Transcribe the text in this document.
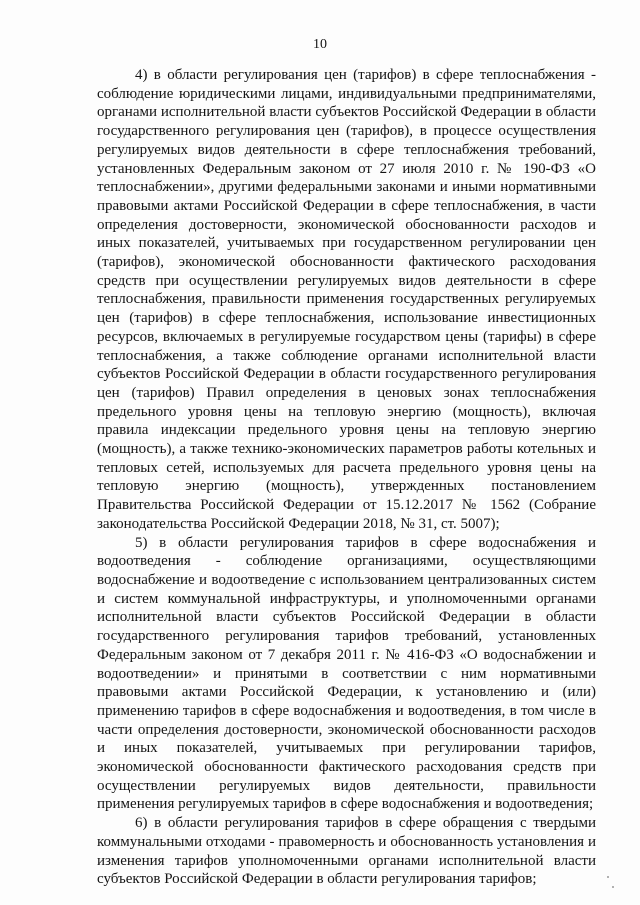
10

4) в области регулирования цен (тарифов) в сфере теплоснабжения - соблюдение юридическими лицами, индивидуальными предпринимателями, органами исполнительной власти субъектов Российской Федерации в области государственного регулирования цен (тарифов), в процессе осуществления регулируемых видов деятельности в сфере теплоснабжения требований, установленных Федеральным законом от 27 июля 2010 г. № 190-ФЗ «О теплоснабжении», другими федеральными законами и иными нормативными правовыми актами Российской Федерации в сфере теплоснабжения, в части определения достоверности, экономической обоснованности расходов и иных показателей, учитываемых при государственном регулировании цен (тарифов), экономической обоснованности фактического расходования средств при осуществлении регулируемых видов деятельности в сфере теплоснабжения, правильности применения государственных регулируемых цен (тарифов) в сфере теплоснабжения, использование инвестиционных ресурсов, включаемых в регулируемые государством цены (тарифы) в сфере теплоснабжения, а также соблюдение органами исполнительной власти субъектов Российской Федерации в области государственного регулирования цен (тарифов) Правил определения в ценовых зонах теплоснабжения предельного уровня цены на тепловую энергию (мощность), включая правила индексации предельного уровня цены на тепловую энергию (мощность), а также технико-экономических параметров работы котельных и тепловых сетей, используемых для расчета предельного уровня цены на тепловую энергию (мощность), утвержденных постановлением Правительства Российской Федерации от 15.12.2017 № 1562 (Собрание законодательства Российской Федерации 2018, № 31, ст. 5007);

5) в области регулирования тарифов в сфере водоснабжения и водоотведения - соблюдение организациями, осуществляющими водоснабжение и водоотведение с использованием централизованных систем и систем коммунальной инфраструктуры, и уполномоченными органами исполнительной власти субъектов Российской Федерации в области государственного регулирования тарифов требований, установленных Федеральным законом от 7 декабря 2011 г. № 416-ФЗ «О водоснабжении и водоотведении» и принятыми в соответствии с ним нормативными правовыми актами Российской Федерации, к установлению и (или) применению тарифов в сфере водоснабжения и водоотведения, в том числе в части определения достоверности, экономической обоснованности расходов и иных показателей, учитываемых при регулировании тарифов, экономической обоснованности фактического расходования средств при осуществлении регулируемых видов деятельности, правильности применения регулируемых тарифов в сфере водоснабжения и водоотведения;

6) в области регулирования тарифов в сфере обращения с твердыми коммунальными отходами - правомерность и обоснованность установления и изменения тарифов уполномоченными органами исполнительной власти субъектов Российской Федерации в области регулирования тарифов;
